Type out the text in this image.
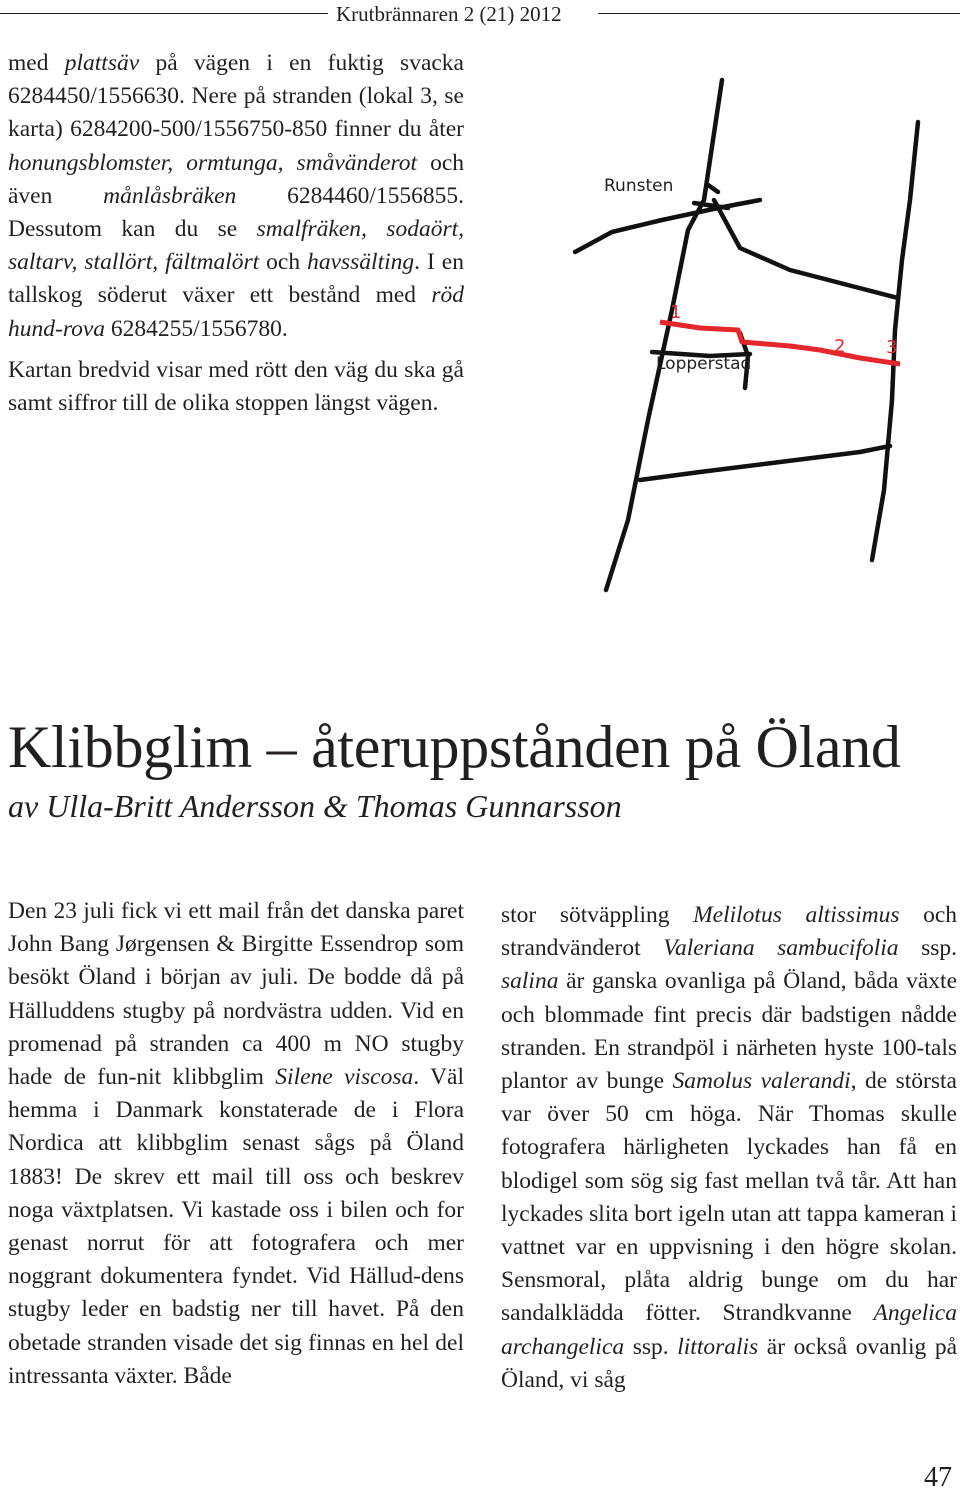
Krutbrännaren 2 (21) 2012

med plattsäv på vägen i en fuktig svacka 6284450/1556630. Nere på stranden (lokal 3, se karta) 6284200-500/1556750-850 finner du åter honungsblomster, ormtunga, småvänderot och även månlåsbräken 6284460/1556855. Dessutom kan du se smalfräken, sodaört, saltarv, stallört, fältmalört och havssälting. I en tallskog söderut växer ett bestånd med röd hund-rova 6284255/1556780.

Kartan bredvid visar med rött den väg du ska gå samt siffror till de olika stoppen längst vägen.

Runsten
Lopperstad
1
2 3
Klibbglim – återuppstånden på Öland
av Ulla-Britt Andersson & Thomas Gunnarsson

Den 23 juli fick vi ett mail från det danska paret John Bang Jørgensen & Birgitte Essendrop som besökt Öland i början av juli. De bodde då på Hälluddens stugby på nordvästra udden. Vid en promenad på stranden ca 400 m NO stugby hade de fun-nit klibbglim Silene viscosa. Väl hemma i Danmark konstaterade de i Flora Nordica att klibbglim senast sågs på Öland 1883! De skrev ett mail till oss och beskrev noga växtplatsen. Vi kastade oss i bilen och for genast norrut för att fotografera och mer noggrant dokumentera fyndet. Vid Hällud-dens stugby leder en badstig ner till havet. På den obetade stranden visade det sig finnas en hel del intressanta växter. Både

stor sötväppling Melilotus altissimus och strandvänderot Valeriana sambucifolia ssp. salina är ganska ovanliga på Öland, båda växte och blommade fint precis där badstigen nådde stranden. En strandpöl i närheten hyste 100-tals plantor av bunge Samolus valerandi, de största var över 50 cm höga. När Thomas skulle fotografera härligheten lyckades han få en blodigel som sög sig fast mellan två tår. Att han lyckades slita bort igeln utan att tappa kameran i vattnet var en uppvisning i den högre skolan. Sensmoral, plåta aldrig bunge om du har sandalklädda fötter. Strandkvanne Angelica archangelica ssp. littoralis är också ovanlig på Öland, vi såg

47
